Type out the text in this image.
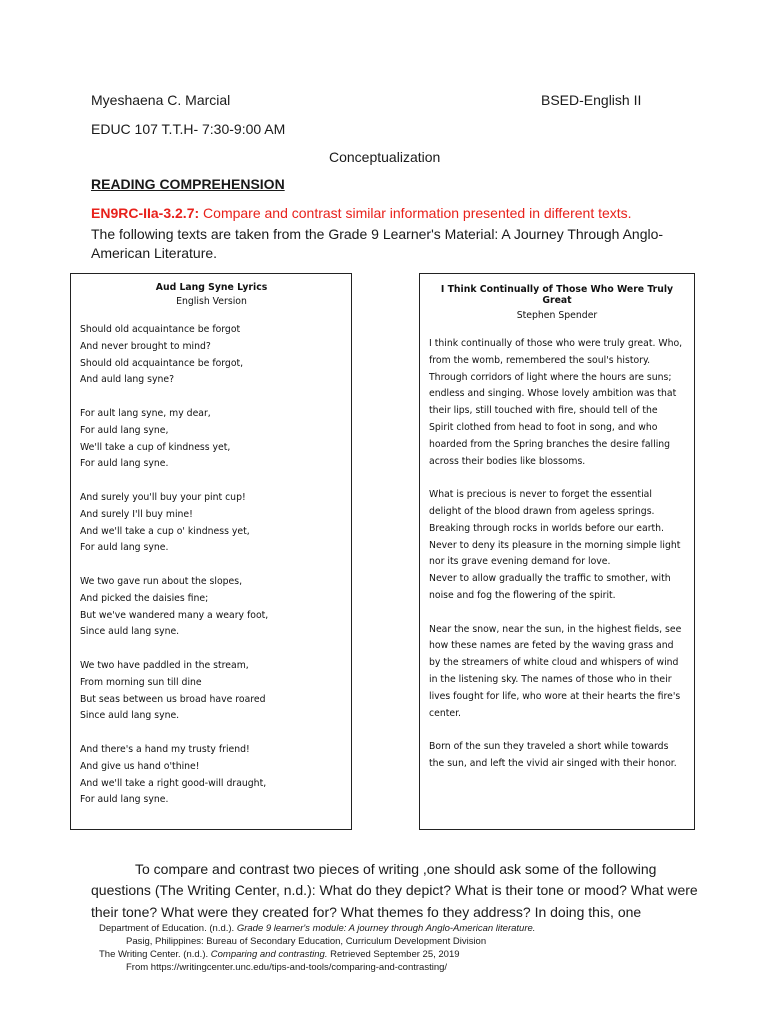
Myeshaena C. Marcial	BSED-English II
EDUC 107 T.T.H- 7:30-9:00 AM
Conceptualization
READING COMPREHENSION
EN9RC-IIa-3.2.7: Compare and contrast similar information presented in different texts.
The following texts are taken from the Grade 9 Learner's Material: A Journey Through Anglo-American Literature.
Aud Lang Syne Lyrics
English Version
Should old acquaintance be forgot
And never brought to mind?
Should old acquaintance be forgot,
And auld lang syne?
For ault lang syne, my dear,
For auld lang syne,
We'll take a cup of kindness yet,
For auld lang syne.
And surely you'll buy your pint cup!
And surely I'll buy mine!
And we'll take a cup o' kindness yet,
For auld lang syne.
We two gave run about the slopes,
And picked the daisies fine;
But we've wandered many a weary foot,
Since auld lang syne.
We two have paddled in the stream,
From morning sun till dine
But seas between us broad have roared
Since auld lang syne.
And there's a hand my trusty friend!
And give us hand o'thine!
And we'll take a right good-will draught,
For auld lang syne.
I Think Continually of Those Who Were Truly Great
Stephen Spender
I think continually of those who were truly great. Who, from the womb, remembered the soul's history. Through corridors of light where the hours are suns; endless and singing. Whose lovely ambition was that their lips, still touched with fire, should tell of the Spirit clothed from head to foot in song, and who hoarded from the Spring branches the desire falling across their bodies like blossoms.
What is precious is never to forget the essential delight of the blood drawn from ageless springs. Breaking through rocks in worlds before our earth. Never to deny its pleasure in the morning simple light nor its grave evening demand for love.
Never to allow gradually the traffic to smother, with noise and fog the flowering of the spirit.
Near the snow, near the sun, in the highest fields, see how these names are feted by the waving grass and by the streamers of white cloud and whispers of wind in the listening sky. The names of those who in their lives fought for life, who wore at their hearts the fire's center.
Born of the sun they traveled a short while towards the sun, and left the vivid air singed with their honor.
To compare and contrast two pieces of writing ,one should ask some of the following questions (The Writing Center, n.d.): What do they depict? What is their tone or mood? What were their tone? What were they created for? What themes fo they address? In doing this, one
Department of Education. (n.d.). Grade 9 learner's module: A journey through Anglo-American literature.
Pasig, Philippines: Bureau of Secondary Education, Curriculum Development Division
The Writing Center. (n.d.). Comparing and contrasting. Retrieved September 25, 2019
From https://writingcenter.unc.edu/tips-and-tools/comparing-and-contrasting/
